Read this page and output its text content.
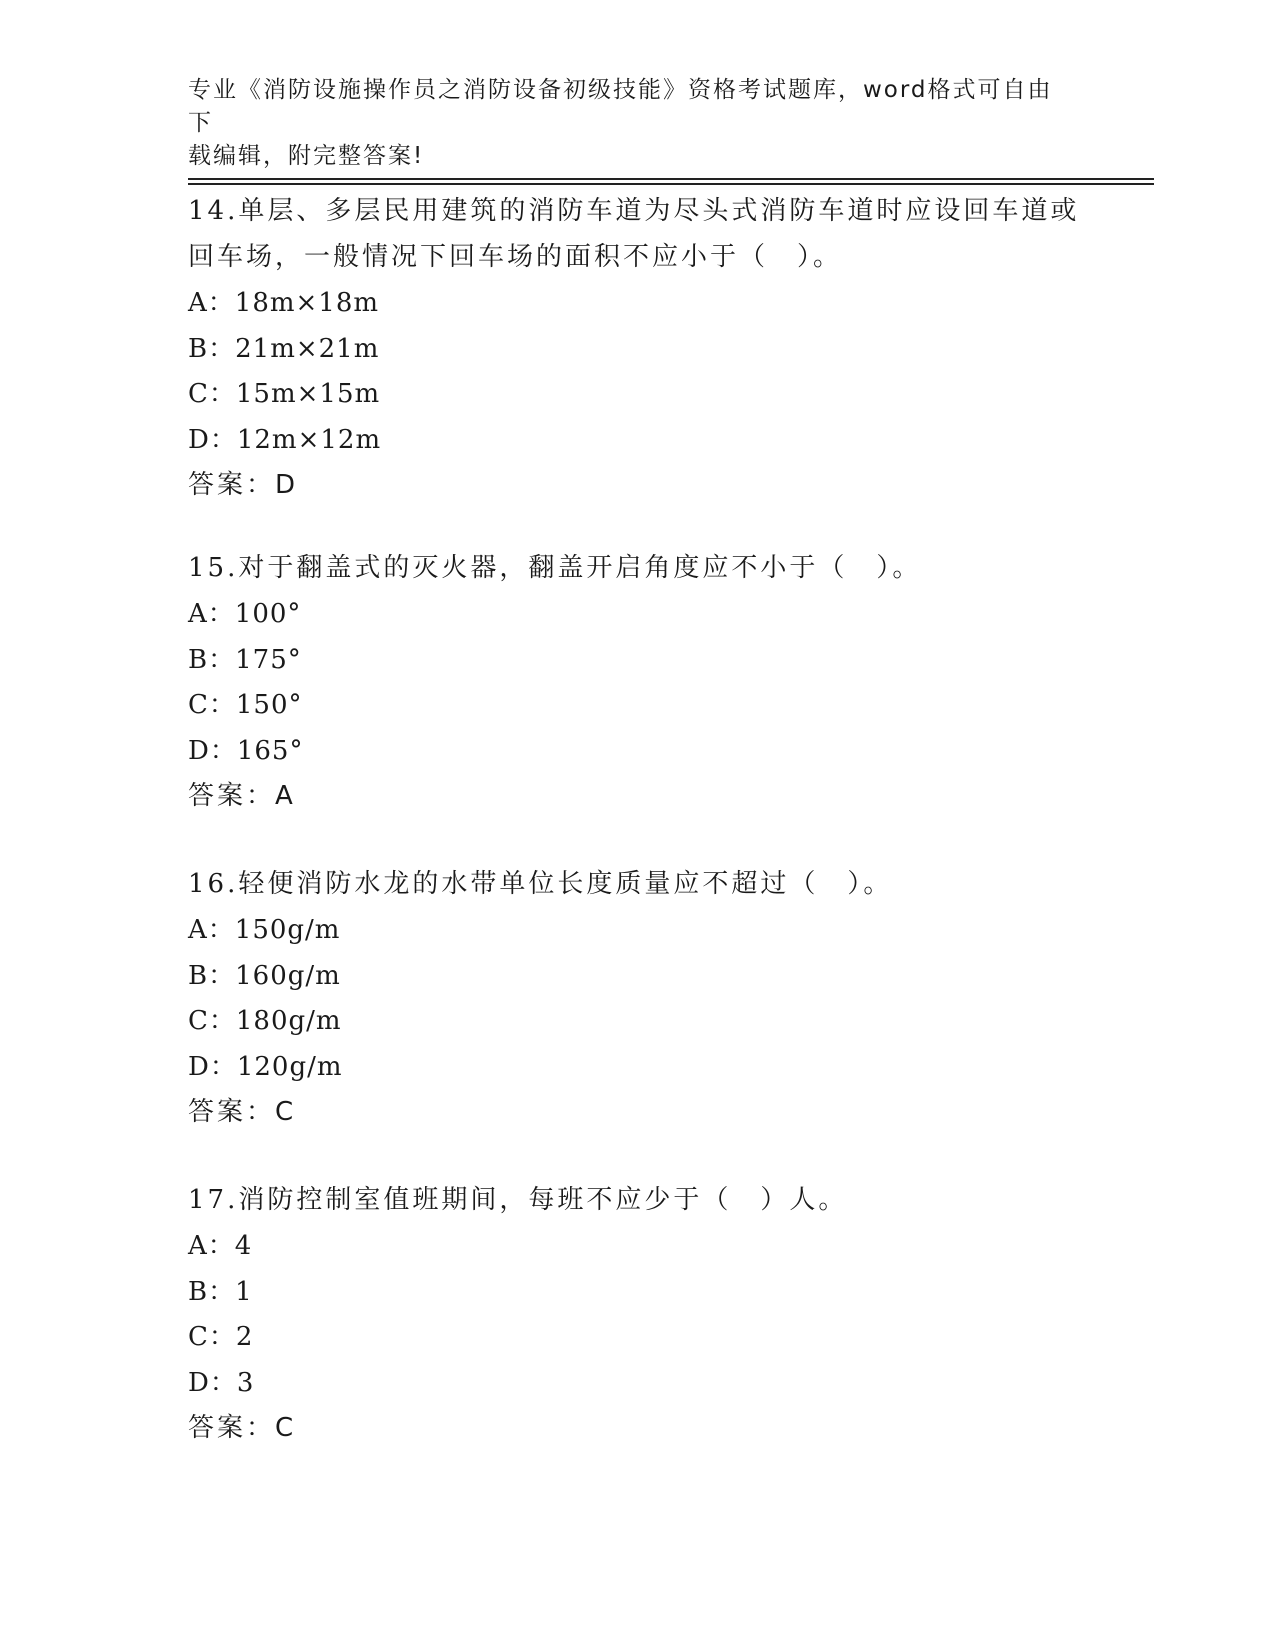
专业《消防设施操作员之消防设备初级技能》资格考试题库，word格式可自由下
载编辑，附完整答案!
14.单层、多层民用建筑的消防车道为尽头式消防车道时应设回车道或
回车场，一般情况下回车场的面积不应小于（　）。
A：18m×18m
B：21m×21m
C：15m×15m
D：12m×12m
答案：D
15.对于翻盖式的灭火器，翻盖开启角度应不小于（　）。
A：100°
B：175°
C：150°
D：165°
答案：A
16.轻便消防水龙的水带单位长度质量应不超过（　）。
A：150g/m
B：160g/m
C：180g/m
D：120g/m
答案：C
17.消防控制室值班期间，每班不应少于（　）人。
A：4
B：1
C：2
D：3
答案：C
